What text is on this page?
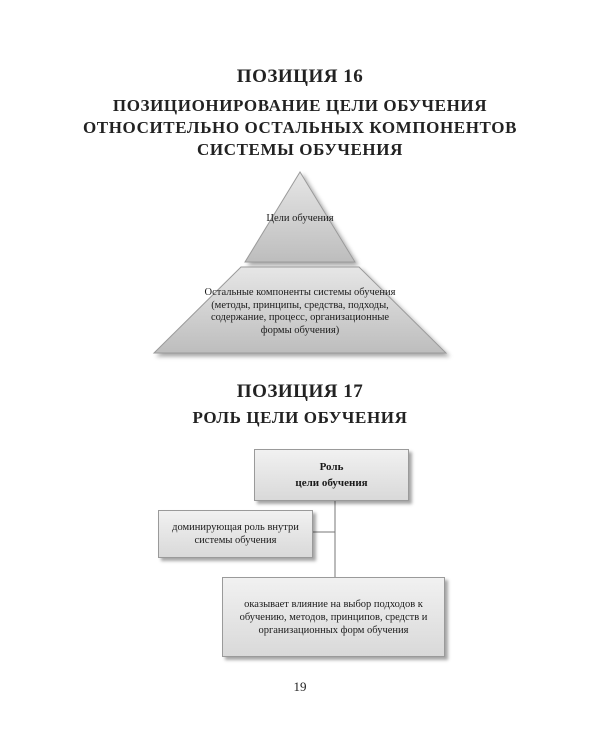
ПОЗИЦИЯ 16
ПОЗИЦИОНИРОВАНИЕ ЦЕЛИ ОБУЧЕНИЯ
ОТНОСИТЕЛЬНО ОСТАЛЬНЫХ КОМПОНЕНТОВ
СИСТЕМЫ ОБУЧЕНИЯ
Цели обучения
Остальные компоненты системы обучения
(методы, принципы, средства, подходы,
содержание, процесс, организационные
формы обучения)
ПОЗИЦИЯ 17
РОЛЬ ЦЕЛИ ОБУЧЕНИЯ
Роль
цели обучения
доминирующая роль внутри
системы обучения
оказывает влияние на выбор подходов к
обучению, методов, принципов, средств и
организационных форм обучения
19
